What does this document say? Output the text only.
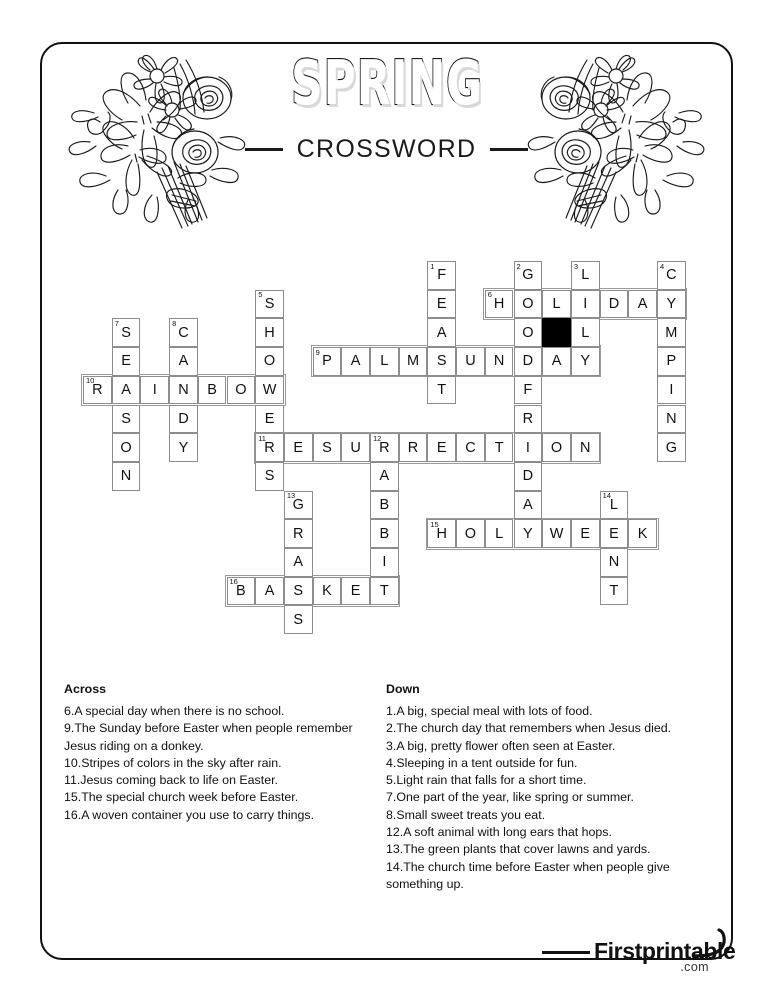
SPRING
CROSSWORD
1
F
2
G
3
L
4
C
5
S	E
6
H	O	L	I	D	A	Y
7
S
8
C	H	A	O	L	M
E	A	O
9
P	A	L	M	S	U	N	D	A	Y	P
10
R	A	I	N	B	O	W	T	F	I
S	D	E	R	N
O	Y
11
R	E	S	U
12
R	R	E	C	T	I	O	N	G
N	S	A	D
13
G	B	A
14
L
R	B
15
H	O	L	Y	W	E	E	K
A	I	N
16
B	A	S	K	E	T	T
S
Across
6.A special day when there is no school.
9.The Sunday before Easter when people remember Jesus riding on a donkey.
10.Stripes of colors in the sky after rain.
11.Jesus coming back to life on Easter.
15.The special church week before Easter.
16.A woven container you use to carry things.
Down
1.A big, special meal with lots of food.
2.The church day that remembers when Jesus died.
3.A big, pretty flower often seen at Easter.
4.Sleeping in a tent outside for fun.
5.Light rain that falls for a short time.
7.One part of the year, like spring or summer.
8.Small sweet treats you eat.
12.A soft animal with long ears that hops.
13.The green plants that cover lawns and yards.
14.The church time before Easter when people give something up.
Firstprintable
.com
